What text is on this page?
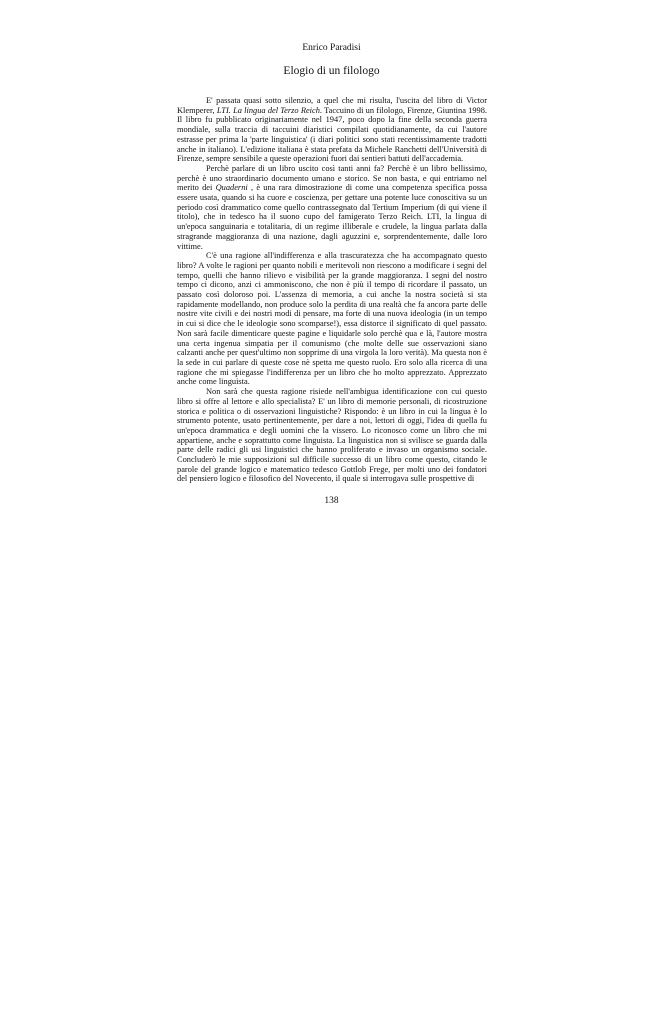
Enrico Paradisi
Elogio di un filologo

E' passata quasi sotto silenzio, a quel che mi risulta, l'uscita del libro di Victor Klemperer, LTI. La lingua del Terzo Reich. Taccuino di un filologo, Firenze, Giuntina 1998. Il libro fu pubblicato originariamente nel 1947, poco dopo la fine della seconda guerra mondiale, sulla traccia di taccuini diaristici compilati quotidianamente, da cui l'autore estrasse per prima la 'parte linguistica' (i diari politici sono stati recentissimamente tradotti anche in italiano). L'edizione italiana è stata prefata da Michele Ranchetti dell'Università di Firenze, sempre sensibile a queste operazioni fuori dai sentieri battuti dell'accademia.

Perchè parlare di un libro uscito così tanti anni fa? Perchè è un libro bellissimo, perchè è uno straordinario documento umano e storico. Se non basta, e qui entriamo nel merito dei Quaderni , è una rara dimostrazione di come una competenza specifica possa essere usata, quando si ha cuore e coscienza, per gettare una potente luce conoscitiva su un periodo così drammatico come quello contrassegnato dal Tertium Imperium (di qui viene il titolo), che in tedesco ha il suono cupo del famigerato Terzo Reich. LTI, la lingua di un'epoca sanguinaria e totalitaria, di un regime illiberale e crudele, la lingua parlata dalla stragrande maggioranza di una nazione, dagli aguzzini e, sorprendentemente, dalle loro vittime.

C'è una ragione all'indifferenza e alla trascuratezza che ha accompagnato questo libro? A volte le ragioni per quanto nobili e meritevoli non riescono a modificare i segni del tempo, quelli che hanno rilievo e visibilità per la grande maggioranza. I segni del nostro tempo ci dicono, anzi ci ammoniscono, che non è più il tempo di ricordare il passato, un passato così doloroso poi. L'assenza di memoria, a cui anche la nostra società si sta rapidamente modellando, non produce solo la perdita di una realtà che fa ancora parte delle nostre vite civili e dei nostri modi di pensare, ma forte di una nuova ideologia (in un tempo in cui si dice che le ideologie sono scomparse!), essa distorce il significato di quel passato. Non sarà facile dimenticare queste pagine e liquidarle solo perchè qua e là, l'autore mostra una certa ingenua simpatia per il comunismo (che molte delle sue osservazioni siano calzanti anche per quest'ultimo non sopprime di una virgola la loro verità). Ma questa non è la sede in cui parlare di queste cose nè spetta me questo ruolo. Ero solo alla ricerca di una ragione che mi spiegasse l'indifferenza per un libro che ho molto apprezzato. Apprezzato anche come linguista.

Non sarà che questa ragione risiede nell'ambigua identificazione con cui questo libro si offre al lettore e allo specialista? E' un libro di memorie personali, di ricostruzione storica e politica o di osservazioni linguistiche? Rispondo: è un libro in cui la lingua è lo strumento potente, usato pertinentemente, per dare a noi, lettori di oggi, l'idea di quella fu un'epoca drammatica e degli uomini che la vissero. Lo riconosco come un libro che mi appartiene, anche e soprattutto come linguista. La linguistica non si svilisce se guarda dalla parte delle radici gli usi linguistici che hanno proliferato e invaso un organismo sociale. Concluderò le mie supposizioni sul difficile successo di un libro come questo, citando le parole del grande logico e matematico tedesco Gottlob Frege, per molti uno dei fondatori del pensiero logico e filosofico del Novecento, il quale si interrogava sulle prospettive di

138
